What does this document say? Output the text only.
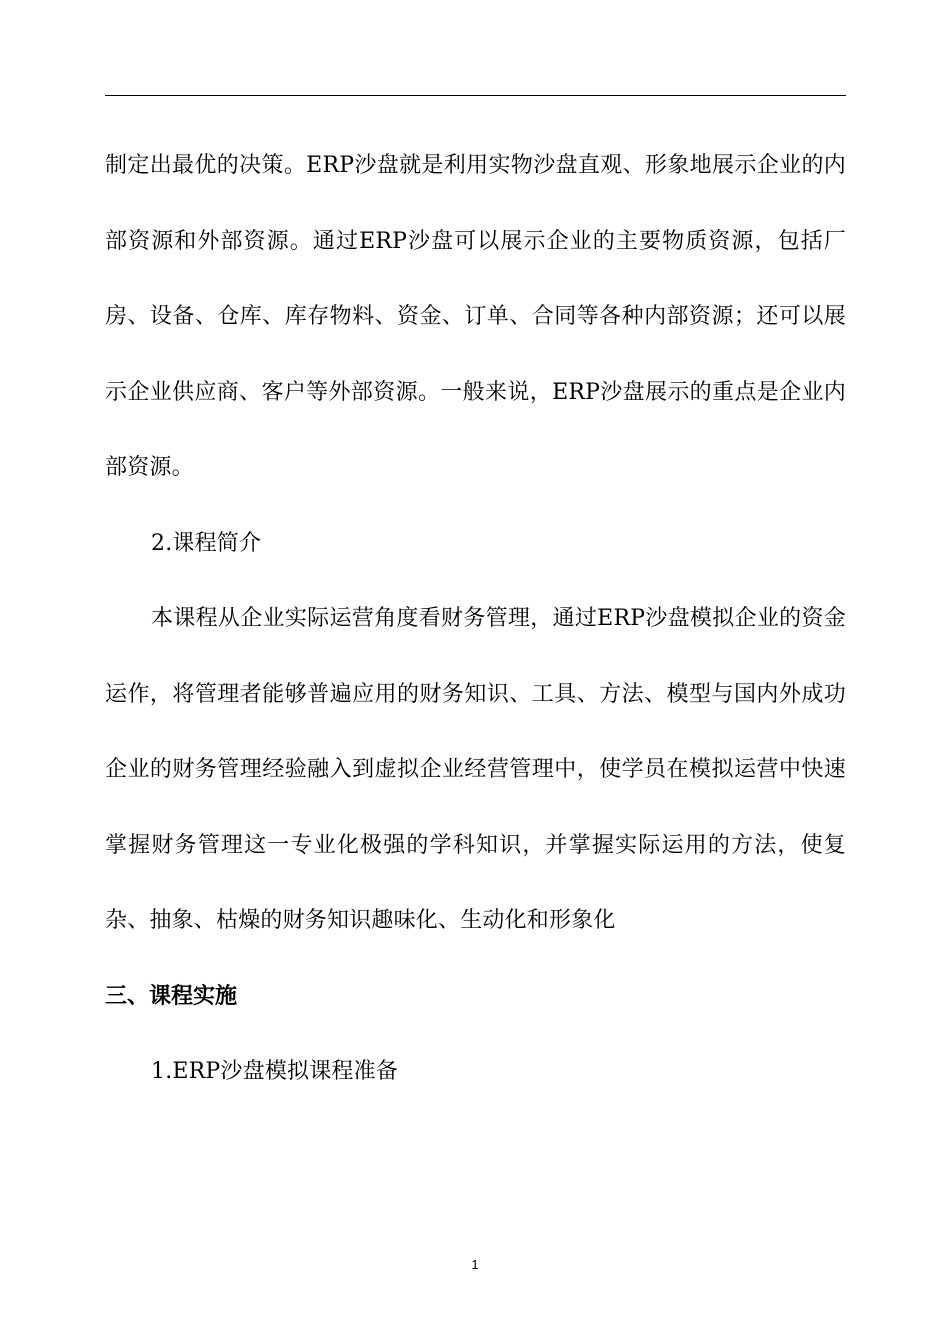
制定出最优的决策。ERP沙盘就是利用实物沙盘直观、形象地展示企业的内部资源和外部资源。通过ERP沙盘可以展示企业的主要物质资源，包括厂房、设备、仓库、库存物料、资金、订单、合同等各种内部资源；还可以展示企业供应商、客户等外部资源。一般来说，ERP沙盘展示的重点是企业内部资源。

2.课程简介

本课程从企业实际运营角度看财务管理，通过ERP沙盘模拟企业的资金运作，将管理者能够普遍应用的财务知识、工具、方法、模型与国内外成功企业的财务管理经验融入到虚拟企业经营管理中，使学员在模拟运营中快速掌握财务管理这一专业化极强的学科知识，并掌握实际运用的方法，使复杂、抽象、枯燥的财务知识趣味化、生动化和形象化

三、课程实施

1.ERP沙盘模拟课程准备

1
